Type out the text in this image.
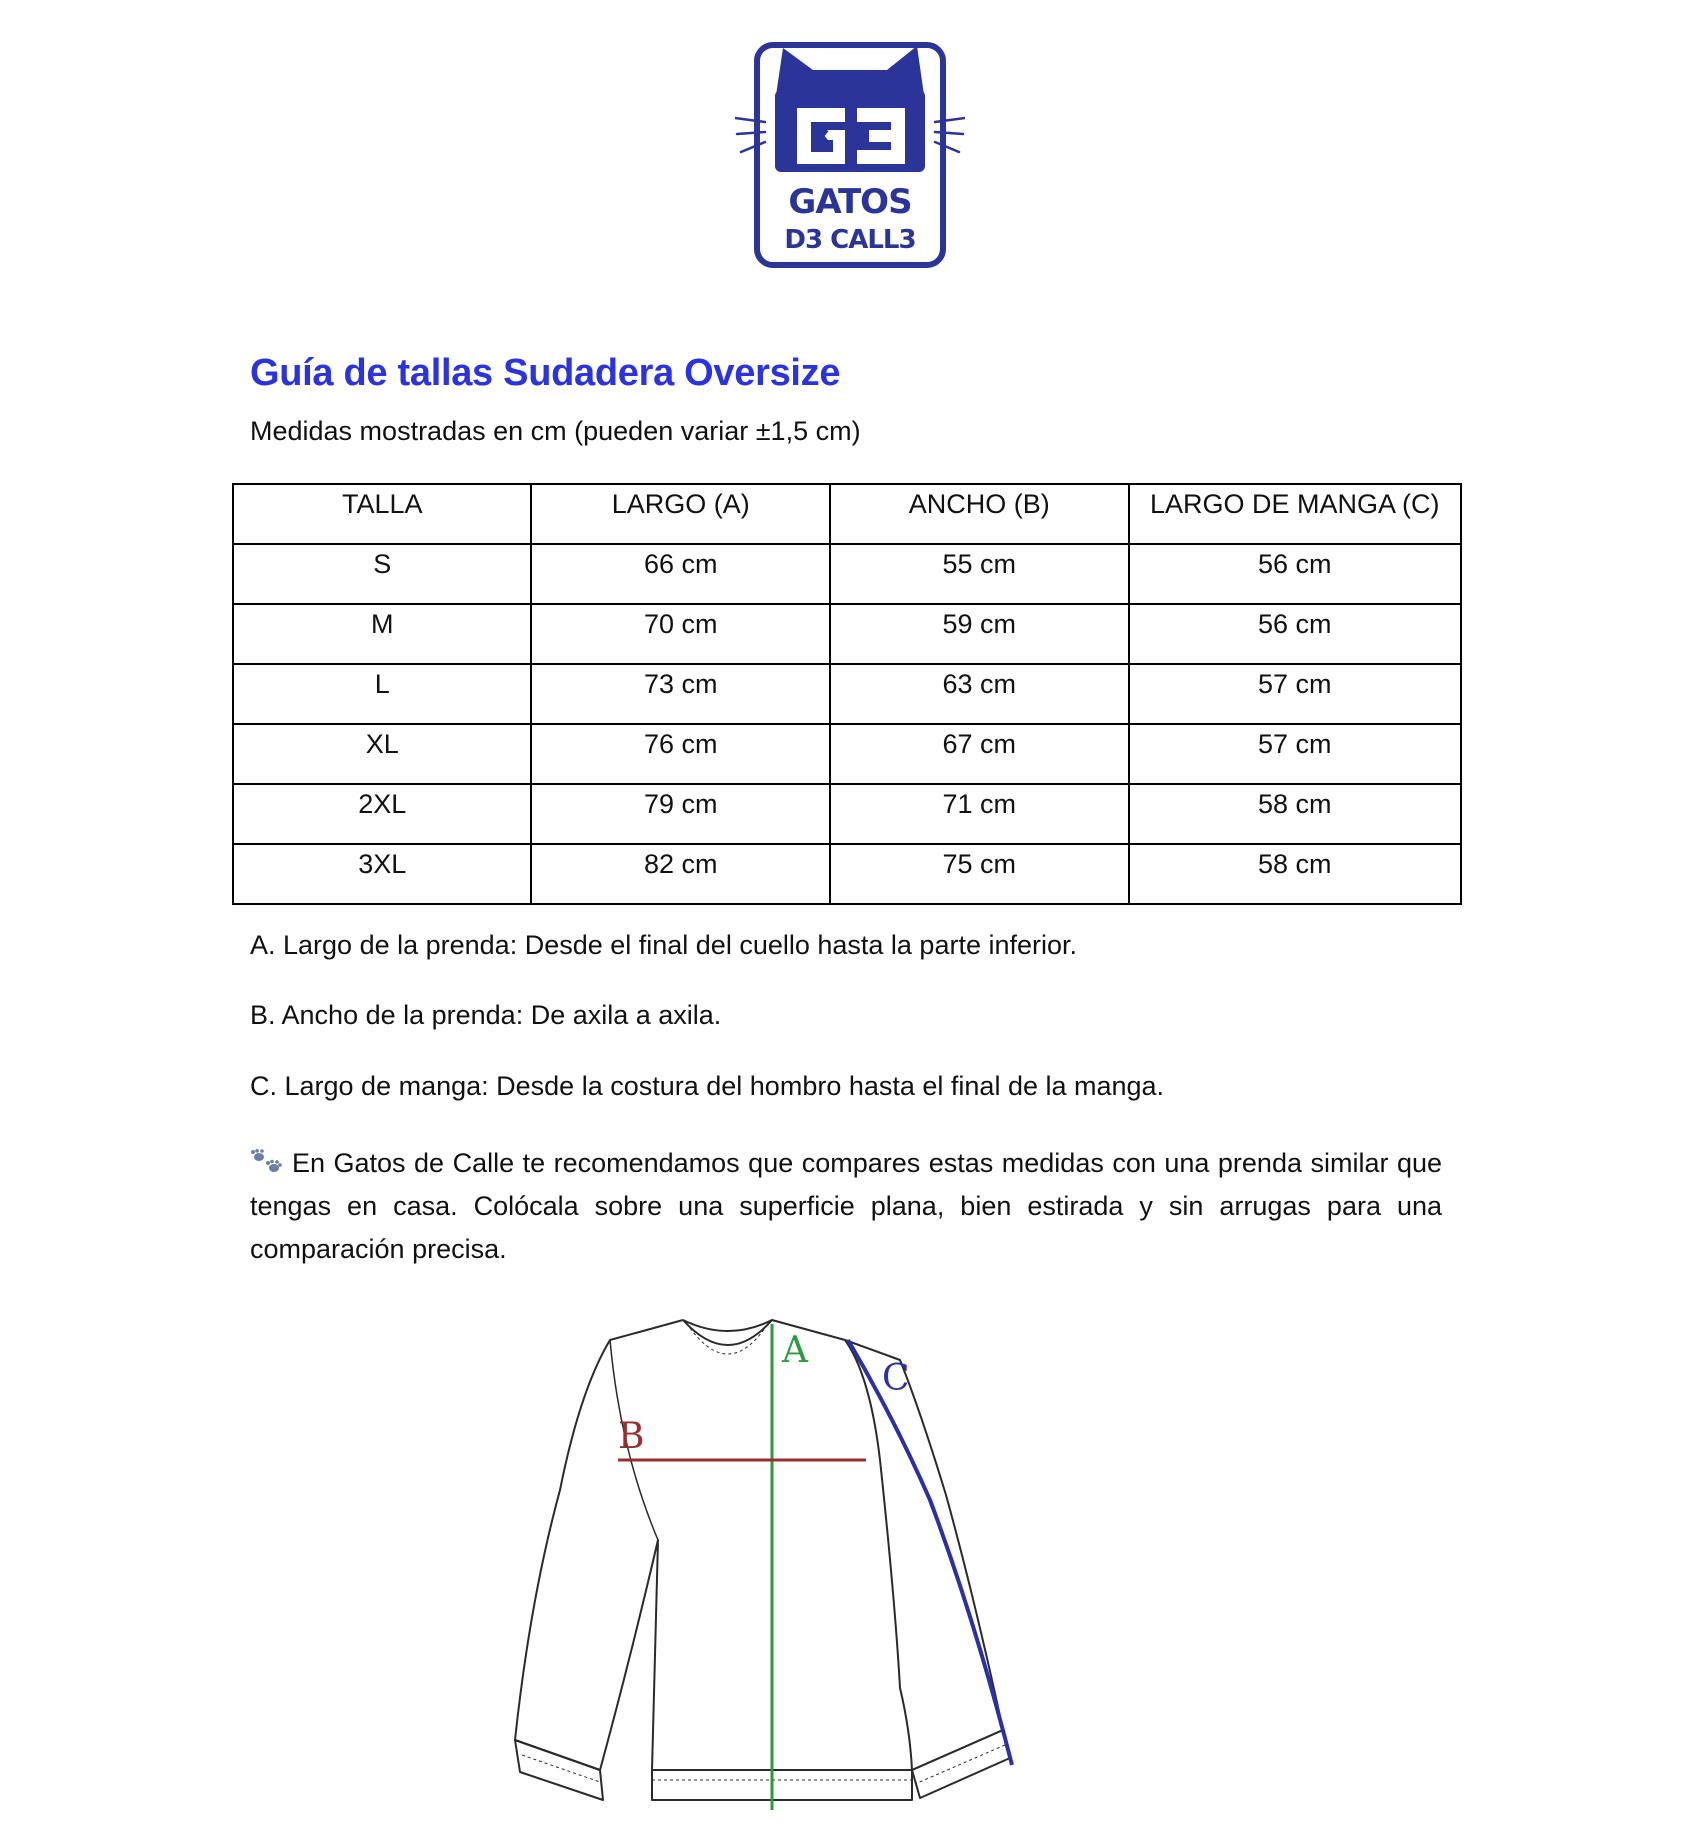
GATOS
D3 CALL3
Guía de tallas Sudadera Oversize

Medidas mostradas en cm (pueden variar ±1,5 cm)

TALLA	LARGO (A)	ANCHO (B)	LARGO DE MANGA (C)
S	66 cm	55 cm	56 cm
M	70 cm	59 cm	56 cm
L	73 cm	63 cm	57 cm
XL	76 cm	67 cm	57 cm
2XL	79 cm	71 cm	58 cm
3XL	82 cm	75 cm	58 cm

A. Largo de la prenda: Desde el final del cuello hasta la parte inferior.

B. Ancho de la prenda: De axila a axila.

C. Largo de manga: Desde la costura del hombro hasta el final de la manga.

En Gatos de Calle te recomendamos que compares estas medidas con una prenda similar que tengas en casa. Colócala sobre una superficie plana, bien estirada y sin arrugas para una comparación precisa.

A
B
C
